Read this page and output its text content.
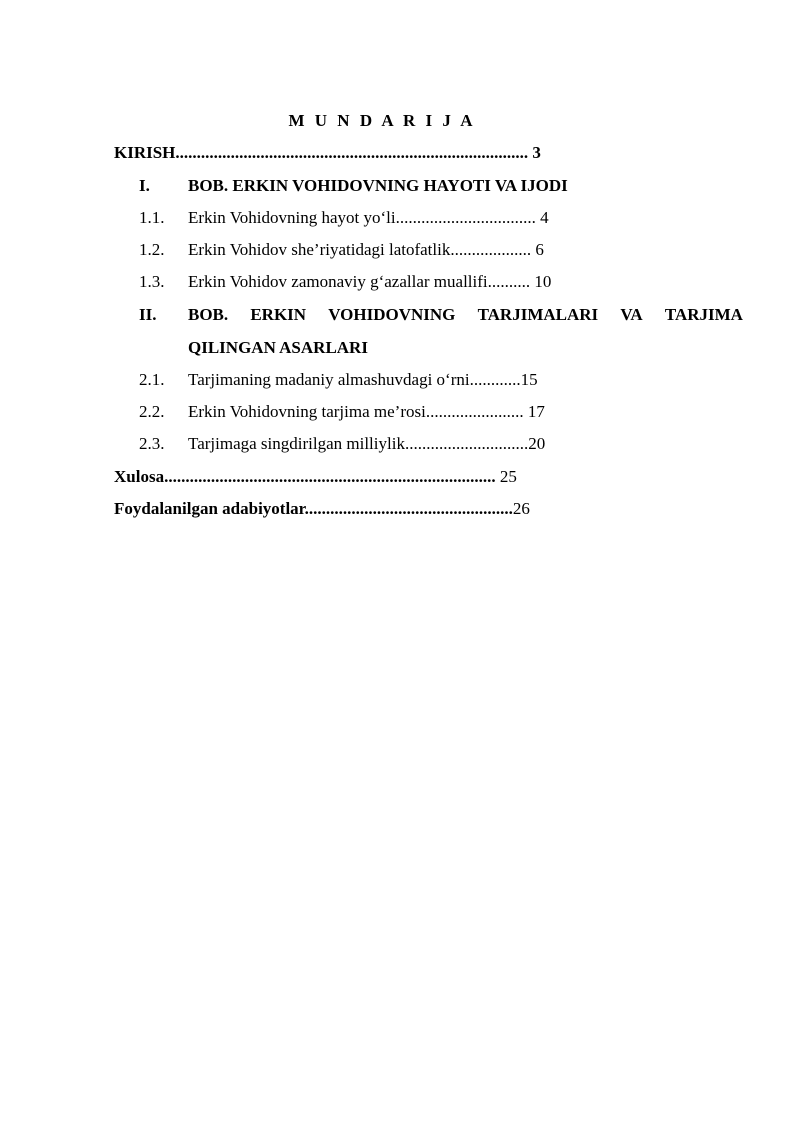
M U N D A R I J A
KIRISH................................................................................... 3
I. BOB. ERKIN VOHIDOVNING HAYOTI VA IJODI
1.1. Erkin Vohidovning hayot yo‘li................................. 4
1.2. Erkin Vohidov she’riyatidagi latofatlik................... 6
1.3. Erkin Vohidov zamonaviy g‘azallar muallifi.......... 10
II. BOB. ERKIN VOHIDOVNING TARJIMALARI VA TARJIMA
QILINGAN ASARLARI
2.1. Tarjimaning madaniy almashuvdagi o‘rni............15
2.2. Erkin Vohidovning tarjima me’rosi....................... 17
2.3. Tarjimaga singdirilgan milliylik.............................20
Xulosa.............................................................................. 25
Foydalanilgan adabiyotlar.................................................26
